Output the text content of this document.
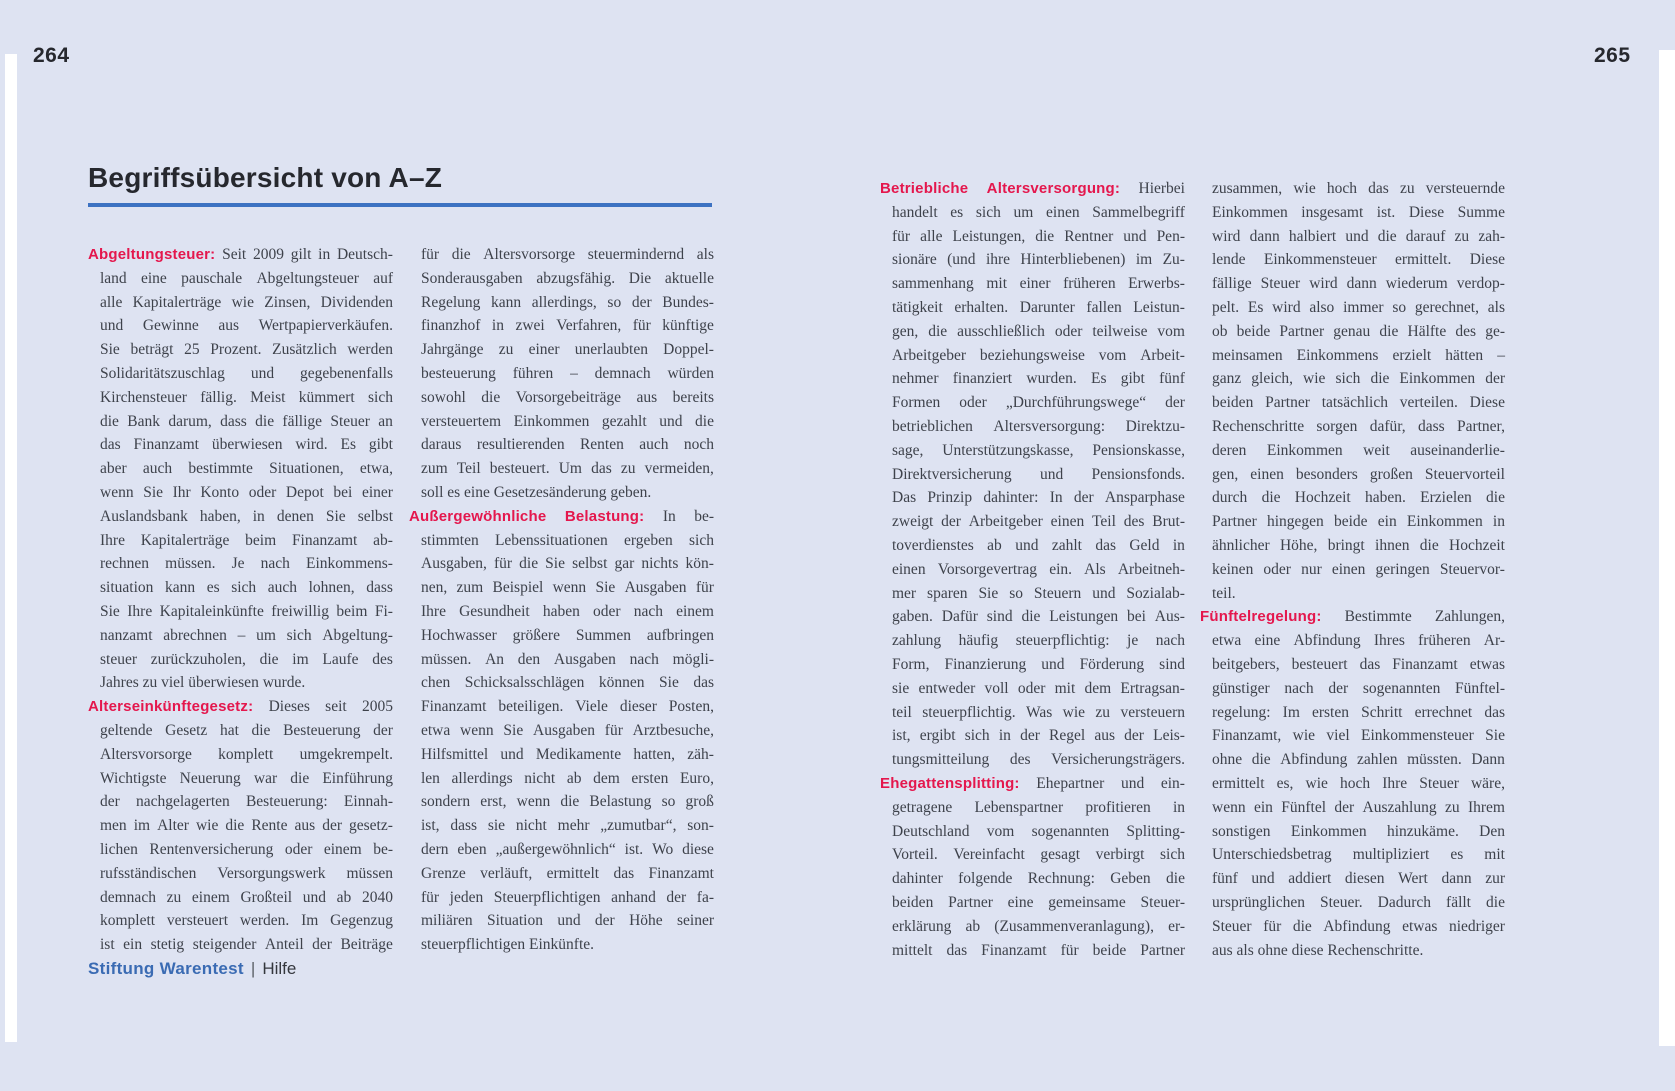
264	265
Begriffsübersicht von A–Z
Abgeltungsteuer: Seit 2009 gilt in Deutsch-
land eine pauschale Abgeltungsteuer auf
alle Kapitalerträge wie Zinsen, Dividenden
und Gewinne aus Wertpapierverkäufen.
Sie beträgt 25 Prozent. Zusätzlich werden
Solidaritätszuschlag und gegebenenfalls
Kirchensteuer fällig. Meist kümmert sich
die Bank darum, dass die fällige Steuer an
das Finanzamt überwiesen wird. Es gibt
aber auch bestimmte Situationen, etwa,
wenn Sie Ihr Konto oder Depot bei einer
Auslandsbank haben, in denen Sie selbst
Ihre Kapitalerträge beim Finanzamt ab-
rechnen müssen. Je nach Einkommens-
situation kann es sich auch lohnen, dass
Sie Ihre Kapitaleinkünfte freiwillig beim Fi-
nanzamt abrechnen – um sich Abgeltung-
steuer zurückzuholen, die im Laufe des
Jahres zu viel überwiesen wurde.
Alterseinkünftegesetz: Dieses seit 2005
geltende Gesetz hat die Besteuerung der
Altersvorsorge komplett umgekrempelt.
Wichtigste Neuerung war die Einführung
der nachgelagerten Besteuerung: Einnah-
men im Alter wie die Rente aus der gesetz-
lichen Rentenversicherung oder einem be-
rufsständischen Versorgungswerk müssen
demnach zu einem Großteil und ab 2040
komplett versteuert werden. Im Gegenzug
ist ein stetig steigender Anteil der Beiträge
für die Altersvorsorge steuermindernd als
Sonderausgaben abzugsfähig. Die aktuelle
Regelung kann allerdings, so der Bundes-
finanzhof in zwei Verfahren, für künftige
Jahrgänge zu einer unerlaubten Doppel-
besteuerung führen – demnach würden
sowohl die Vorsorgebeiträge aus bereits
versteuertem Einkommen gezahlt und die
daraus resultierenden Renten auch noch
zum Teil besteuert. Um das zu vermeiden,
soll es eine Gesetzesänderung geben.
Außergewöhnliche Belastung: In be-
stimmten Lebenssituationen ergeben sich
Ausgaben, für die Sie selbst gar nichts kön-
nen, zum Beispiel wenn Sie Ausgaben für
Ihre Gesundheit haben oder nach einem
Hochwasser größere Summen aufbringen
müssen. An den Ausgaben nach mögli-
chen Schicksalsschlägen können Sie das
Finanzamt beteiligen. Viele dieser Posten,
etwa wenn Sie Ausgaben für Arztbesuche,
Hilfsmittel und Medikamente hatten, zäh-
len allerdings nicht ab dem ersten Euro,
sondern erst, wenn die Belastung so groß
ist, dass sie nicht mehr „zumutbar“, son-
dern eben „außergewöhnlich“ ist. Wo diese
Grenze verläuft, ermittelt das Finanzamt
für jeden Steuerpflichtigen anhand der fa-
miliären Situation und der Höhe seiner
steuerpflichtigen Einkünfte.
Betriebliche Altersversorgung: Hierbei
handelt es sich um einen Sammelbegriff
für alle Leistungen, die Rentner und Pen-
sionäre (und ihre Hinterbliebenen) im Zu-
sammenhang mit einer früheren Erwerbs-
tätigkeit erhalten. Darunter fallen Leistun-
gen, die ausschließlich oder teilweise vom
Arbeitgeber beziehungsweise vom Arbeit-
nehmer finanziert wurden. Es gibt fünf
Formen oder „Durchführungswege“ der
betrieblichen Altersversorgung: Direktzu-
sage, Unterstützungskasse, Pensionskasse,
Direktversicherung und Pensionsfonds.
Das Prinzip dahinter: In der Ansparphase
zweigt der Arbeitgeber einen Teil des Brut-
toverdienstes ab und zahlt das Geld in
einen Vorsorgevertrag ein. Als Arbeitneh-
mer sparen Sie so Steuern und Sozialab-
gaben. Dafür sind die Leistungen bei Aus-
zahlung häufig steuerpflichtig: je nach
Form, Finanzierung und Förderung sind
sie entweder voll oder mit dem Ertragsan-
teil steuerpflichtig. Was wie zu versteuern
ist, ergibt sich in der Regel aus der Leis-
tungsmitteilung des Versicherungsträgers.
Ehegattensplitting: Ehepartner und ein-
getragene Lebenspartner profitieren in
Deutschland vom sogenannten Splitting-
Vorteil. Vereinfacht gesagt verbirgt sich
dahinter folgende Rechnung: Geben die
beiden Partner eine gemeinsame Steuer-
erklärung ab (Zusammenveranlagung), er-
mittelt das Finanzamt für beide Partner
zusammen, wie hoch das zu versteuernde
Einkommen insgesamt ist. Diese Summe
wird dann halbiert und die darauf zu zah-
lende Einkommensteuer ermittelt. Diese
fällige Steuer wird dann wiederum verdop-
pelt. Es wird also immer so gerechnet, als
ob beide Partner genau die Hälfte des ge-
meinsamen Einkommens erzielt hätten –
ganz gleich, wie sich die Einkommen der
beiden Partner tatsächlich verteilen. Diese
Rechenschritte sorgen dafür, dass Partner,
deren Einkommen weit auseinanderlie-
gen, einen besonders großen Steuervorteil
durch die Hochzeit haben. Erzielen die
Partner hingegen beide ein Einkommen in
ähnlicher Höhe, bringt ihnen die Hochzeit
keinen oder nur einen geringen Steuervor-
teil.
Fünftelregelung: Bestimmte Zahlungen,
etwa eine Abfindung Ihres früheren Ar-
beitgebers, besteuert das Finanzamt etwas
günstiger nach der sogenannten Fünftel-
regelung: Im ersten Schritt errechnet das
Finanzamt, wie viel Einkommensteuer Sie
ohne die Abfindung zahlen müssten. Dann
ermittelt es, wie hoch Ihre Steuer wäre,
wenn ein Fünftel der Auszahlung zu Ihrem
sonstigen Einkommen hinzukäme. Den
Unterschiedsbetrag multipliziert es mit
fünf und addiert diesen Wert dann zur
ursprünglichen Steuer. Dadurch fällt die
Steuer für die Abfindung etwas niedriger
aus als ohne diese Rechenschritte.
Stiftung Warentest | Hilfe
